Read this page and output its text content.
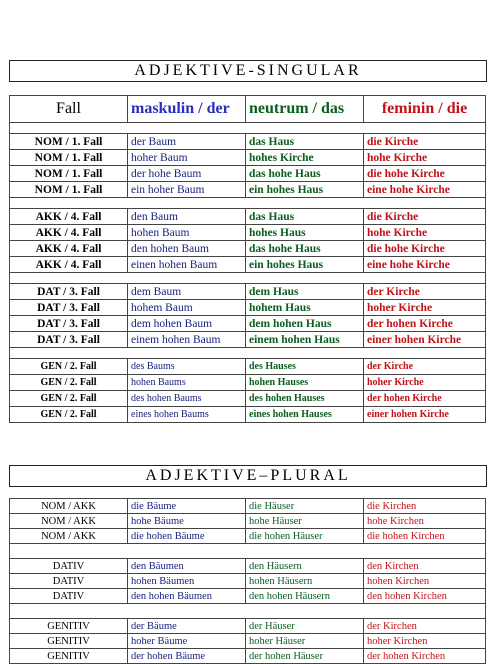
ADJEKTIVE-SINGULAR
Fall	maskulin / der	neutrum / das	feminin / die

NOM / 1. Fall	der Baum	das Haus	die Kirche
NOM / 1. Fall	hoher Baum	hohes Kirche	hohe Kirche
NOM / 1. Fall	der hohe Baum	das hohe Haus	die hohe Kirche
NOM / 1. Fall	ein hoher Baum	ein hohes Haus	eine hohe Kirche

AKK / 4. Fall	den Baum	das Haus	die Kirche
AKK / 4. Fall	hohen Baum	hohes Haus	hohe Kirche
AKK / 4. Fall	den hohen Baum	das hohe Haus	die hohe Kirche
AKK / 4. Fall	einen hohen Baum	ein hohes Haus	eine hohe Kirche

DAT / 3. Fall	dem Baum	dem Haus	der Kirche
DAT / 3. Fall	hohem Baum	hohem Haus	hoher Kirche
DAT / 3. Fall	dem hohen Baum	dem hohen Haus	der hohen Kirche
DAT / 3. Fall	einem hohen Baum	einem hohen Haus	einer hohen Kirche

GEN / 2. Fall	des Baums	des Hauses	der Kirche
GEN / 2. Fall	hohen Baums	hohen Hauses	hoher Kirche
GEN / 2. Fall	des hohen Baums	des hohen Hauses	der hohen Kirche
GEN / 2. Fall	eines hohen Baums	eines hohen Hauses	einer hohen Kirche
ADJEKTIVE–PLURAL
NOM / AKK	die Bäume	die Häuser	die Kirchen
NOM / AKK	hohe Bäume	hohe Häuser	hohe Kirchen
NOM / AKK	die hohen Bäume	die hohen Häuser	die hohen Kirchen

DATIV	den Bäumen	den Häusern	den Kirchen
DATIV	hohen Bäumen	hohen Häusern	hohen Kirchen
DATIV	den hohen Bäumen	den hohen Häusern	den hohen Kirchen

GENITIV	der Bäume	der Häuser	der Kirchen
GENITIV	hoher Bäume	hoher Häuser	hoher Kirchen
GENITIV	der hohen Bäume	der hohen Häuser	der hohen Kirchen
